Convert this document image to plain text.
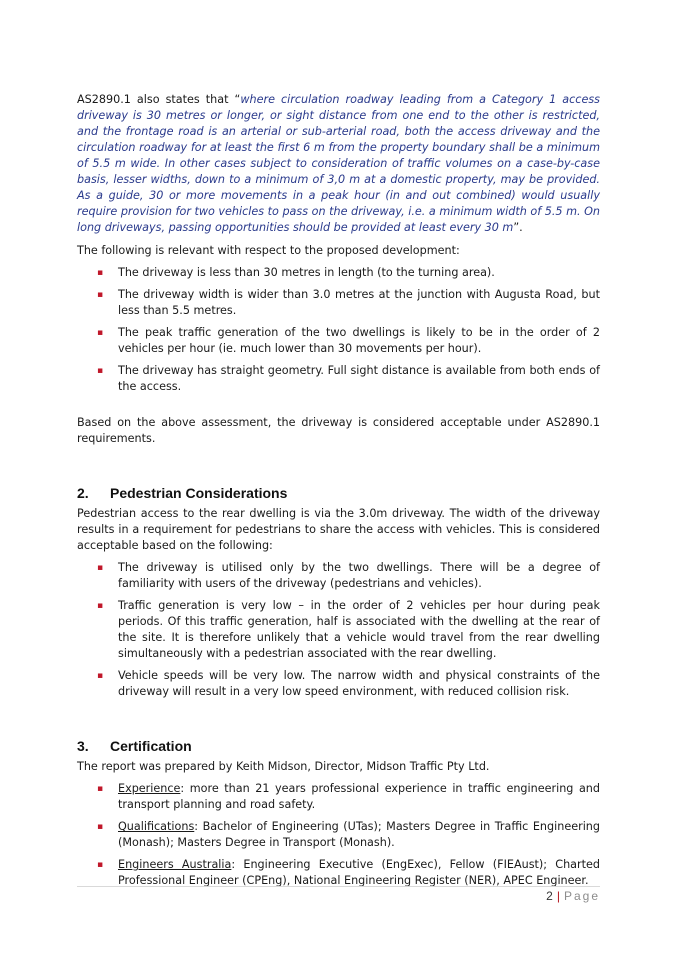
AS2890.1 also states that “where circulation roadway leading from a Category 1 access driveway is 30 metres or longer, or sight distance from one end to the other is restricted, and the frontage road is an arterial or sub-arterial road, both the access driveway and the circulation roadway for at least the first 6 m from the property boundary shall be a minimum of 5.5 m wide. In other cases subject to consideration of traffic volumes on a case-by-case basis, lesser widths, down to a minimum of 3,0 m at a domestic property, may be provided. As a guide, 30 or more movements in a peak hour (in and out combined) would usually require provision for two vehicles to pass on the driveway, i.e. a minimum width of 5.5 m. On long driveways, passing opportunities should be provided at least every 30 m”.

The following is relevant with respect to the proposed development:

▪ The driveway is less than 30 metres in length (to the turning area).
▪ The driveway width is wider than 3.0 metres at the junction with Augusta Road, but less than 5.5 metres.
▪ The peak traffic generation of the two dwellings is likely to be in the order of 2 vehicles per hour (ie. much lower than 30 movements per hour).
▪ The driveway has straight geometry. Full sight distance is available from both ends of the access.

Based on the above assessment, the driveway is considered acceptable under AS2890.1 requirements.

2. Pedestrian Considerations

Pedestrian access to the rear dwelling is via the 3.0m driveway. The width of the driveway results in a requirement for pedestrians to share the access with vehicles. This is considered acceptable based on the following:

▪ The driveway is utilised only by the two dwellings. There will be a degree of familiarity with users of the driveway (pedestrians and vehicles).
▪ Traffic generation is very low – in the order of 2 vehicles per hour during peak periods. Of this traffic generation, half is associated with the dwelling at the rear of the site. It is therefore unlikely that a vehicle would travel from the rear dwelling simultaneously with a pedestrian associated with the rear dwelling.
▪ Vehicle speeds will be very low. The narrow width and physical constraints of the driveway will result in a very low speed environment, with reduced collision risk.
3. Certification

The report was prepared by Keith Midson, Director, Midson Traffic Pty Ltd.

▪ Experience: more than 21 years professional experience in traffic engineering and transport planning and road safety.
▪ Qualifications: Bachelor of Engineering (UTas); Masters Degree in Traffic Engineering (Monash); Masters Degree in Transport (Monash).
▪ Engineers Australia: Engineering Executive (EngExec), Fellow (FIEAust); Charted Professional Engineer (CPEng), National Engineering Register (NER), APEC Engineer.
2 | Page
